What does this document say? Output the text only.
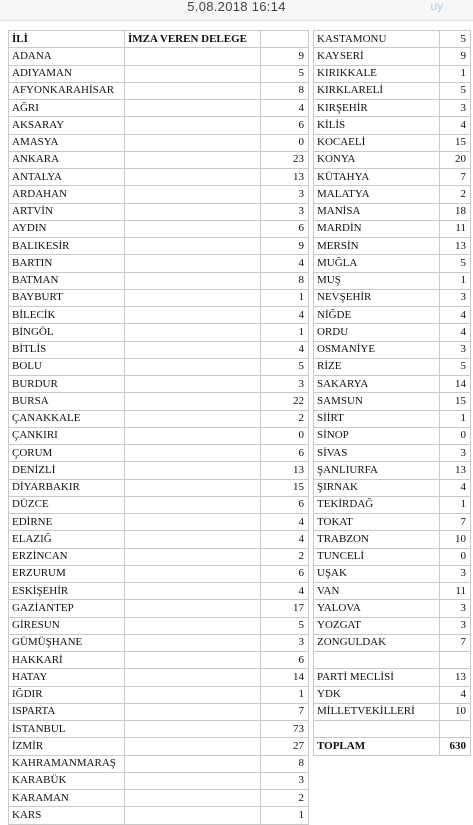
5.08.2018 16:14	uy
İLİ	İMZA VEREN DELEGE	
ADANA		9
ADIYAMAN		5
AFYONKARAHİSAR		8
AĞRI		4
AKSARAY		6
AMASYA		0
ANKARA		23
ANTALYA		13
ARDAHAN		3
ARTVİN		3
AYDIN		6
BALIKESİR		9
BARTIN		4
BATMAN		8
BAYBURT		1
BİLECİK		4
BİNGÖL		1
BİTLİS		4
BOLU		5
BURDUR		3
BURSA		22
ÇANAKKALE		2
ÇANKIRI		0
ÇORUM		6
DENİZLİ		13
DİYARBAKIR		15
DÜZCE		6
EDİRNE		4
ELAZIĞ		4
ERZİNCAN		2
ERZURUM		6
ESKİŞEHİR		4
GAZİANTEP		17
GİRESUN		5
GÜMÜŞHANE		3
HAKKARİ		6
HATAY		14
IĞDIR		1
ISPARTA		7
İSTANBUL		73
İZMİR		27
KAHRAMANMARAŞ		8
KARABÜK		3
KARAMAN		2
KARS		1
KASTAMONU	5
KAYSERİ	9
KIRIKKALE	1
KIRKLARELİ	5
KIRŞEHİR	3
KİLİS	4
KOCAELİ	15
KONYA	20
KÜTAHYA	7
MALATYA	2
MANİSA	18
MARDİN	11
MERSİN	13
MUĞLA	5
MUŞ	1
NEVŞEHİR	3
NİĞDE	4
ORDU	4
OSMANİYE	3
RİZE	5
SAKARYA	14
SAMSUN	15
SİİRT	1
SİNOP	0
SİVAS	3
ŞANLIURFA	13
ŞIRNAK	4
TEKİRDAĞ	1
TOKAT	7
TRABZON	10
TUNCELİ	0
UŞAK	3
VAN	11
YALOVA	3
YOZGAT	3
ZONGULDAK	7

PARTİ MECLİSİ	13
YDK	4
MİLLETVEKİLLERİ	10

TOPLAM	630
